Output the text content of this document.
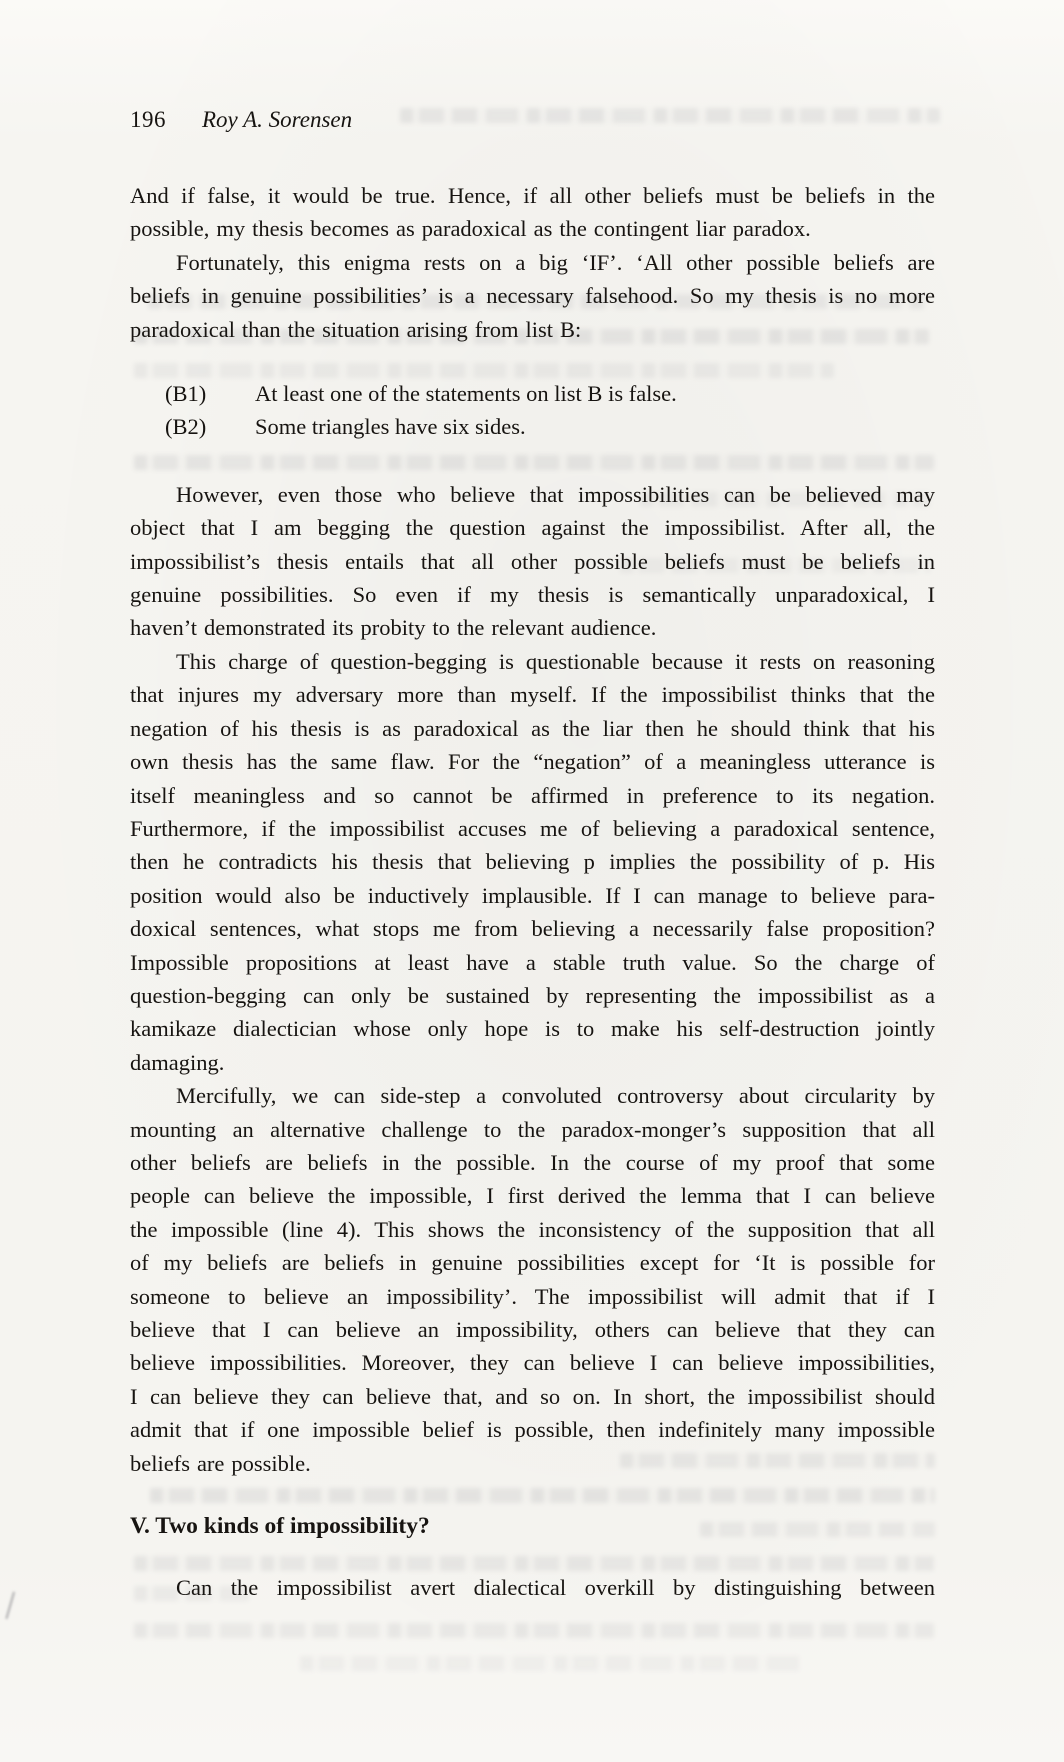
196 Roy A. Sorensen
And if false, it would be true. Hence, if all other beliefs must be beliefs in the
possible, my thesis becomes as paradoxical as the contingent liar paradox.
Fortunately, this enigma rests on a big ‘IF’. ‘All other possible beliefs are
beliefs in genuine possibilities’ is a necessary falsehood. So my thesis is no more
paradoxical than the situation arising from list B:
(B1) At least one of the statements on list B is false.
(B2) Some triangles have six sides.
However, even those who believe that impossibilities can be believed may
object that I am begging the question against the impossibilist. After all, the
impossibilist’s thesis entails that all other possible beliefs must be beliefs in
genuine possibilities. So even if my thesis is semantically unparadoxical, I
haven’t demonstrated its probity to the relevant audience.
This charge of question-begging is questionable because it rests on reasoning
that injures my adversary more than myself. If the impossibilist thinks that the
negation of his thesis is as paradoxical as the liar then he should think that his
own thesis has the same flaw. For the “negation” of a meaningless utterance is
itself meaningless and so cannot be affirmed in preference to its negation.
Furthermore, if the impossibilist accuses me of believing a paradoxical sentence,
then he contradicts his thesis that believing p implies the possibility of p. His
position would also be inductively implausible. If I can manage to believe para-
doxical sentences, what stops me from believing a necessarily false proposition?
Impossible propositions at least have a stable truth value. So the charge of
question-begging can only be sustained by representing the impossibilist as a
kamikaze dialectician whose only hope is to make his self-destruction jointly
damaging.
Mercifully, we can side-step a convoluted controversy about circularity by
mounting an alternative challenge to the paradox-monger’s supposition that all
other beliefs are beliefs in the possible. In the course of my proof that some
people can believe the impossible, I first derived the lemma that I can believe
the impossible (line 4). This shows the inconsistency of the supposition that all
of my beliefs are beliefs in genuine possibilities except for ‘It is possible for
someone to believe an impossibility’. The impossibilist will admit that if I
believe that I can believe an impossibility, others can believe that they can
believe impossibilities. Moreover, they can believe I can believe impossibilities,
I can believe they can believe that, and so on. In short, the impossibilist should
admit that if one impossible belief is possible, then indefinitely many impossible
beliefs are possible.
V. Two kinds of impossibility?
Can the impossibilist avert dialectical overkill by distinguishing between
